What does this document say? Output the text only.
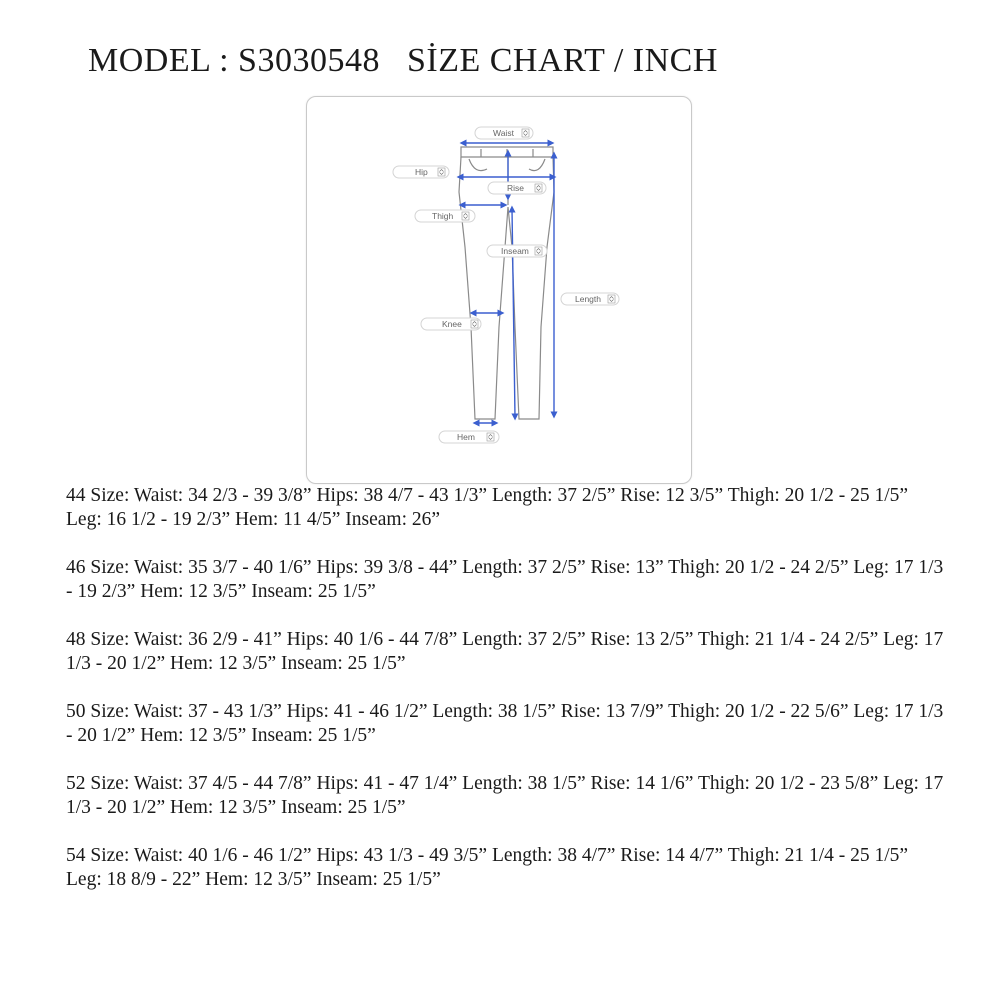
MODEL : S3030548   SİZE CHART / INCH
Waist
Hip
Rise
Thigh
Inseam
Length
Knee
Hem

44 Size: Waist: 34 2/3 - 39 3/8” Hips: 38 4/7 - 43 1/3” Length: 37 2/5” Rise: 12 3/5” Thigh: 20 1/2 - 25 1/5” Leg: 16 1/2 - 19 2/3” Hem: 11 4/5” Inseam: 26”

46 Size: Waist: 35 3/7 - 40 1/6” Hips: 39 3/8 - 44” Length: 37 2/5” Rise: 13” Thigh: 20 1/2 - 24 2/5” Leg: 17 1/3 - 19 2/3” Hem: 12 3/5” Inseam: 25 1/5”

48 Size: Waist: 36 2/9 - 41” Hips: 40 1/6 - 44 7/8” Length: 37 2/5” Rise: 13 2/5” Thigh: 21 1/4 - 24 2/5” Leg: 17 1/3 - 20 1/2” Hem: 12 3/5” Inseam: 25 1/5”

50 Size: Waist: 37 - 43 1/3” Hips: 41 - 46 1/2” Length: 38 1/5” Rise: 13 7/9” Thigh: 20 1/2 - 22 5/6” Leg: 17 1/3 - 20 1/2” Hem: 12 3/5” Inseam: 25 1/5”

52 Size: Waist: 37 4/5 - 44 7/8” Hips: 41 - 47 1/4” Length: 38 1/5” Rise: 14 1/6” Thigh: 20 1/2 - 23 5/8” Leg: 17 1/3 - 20 1/2” Hem: 12 3/5” Inseam: 25 1/5”

54 Size: Waist: 40 1/6 - 46 1/2” Hips: 43 1/3 - 49 3/5” Length: 38 4/7” Rise: 14 4/7” Thigh: 21 1/4 - 25 1/5” Leg: 18 8/9 - 22” Hem: 12 3/5” Inseam: 25 1/5”
